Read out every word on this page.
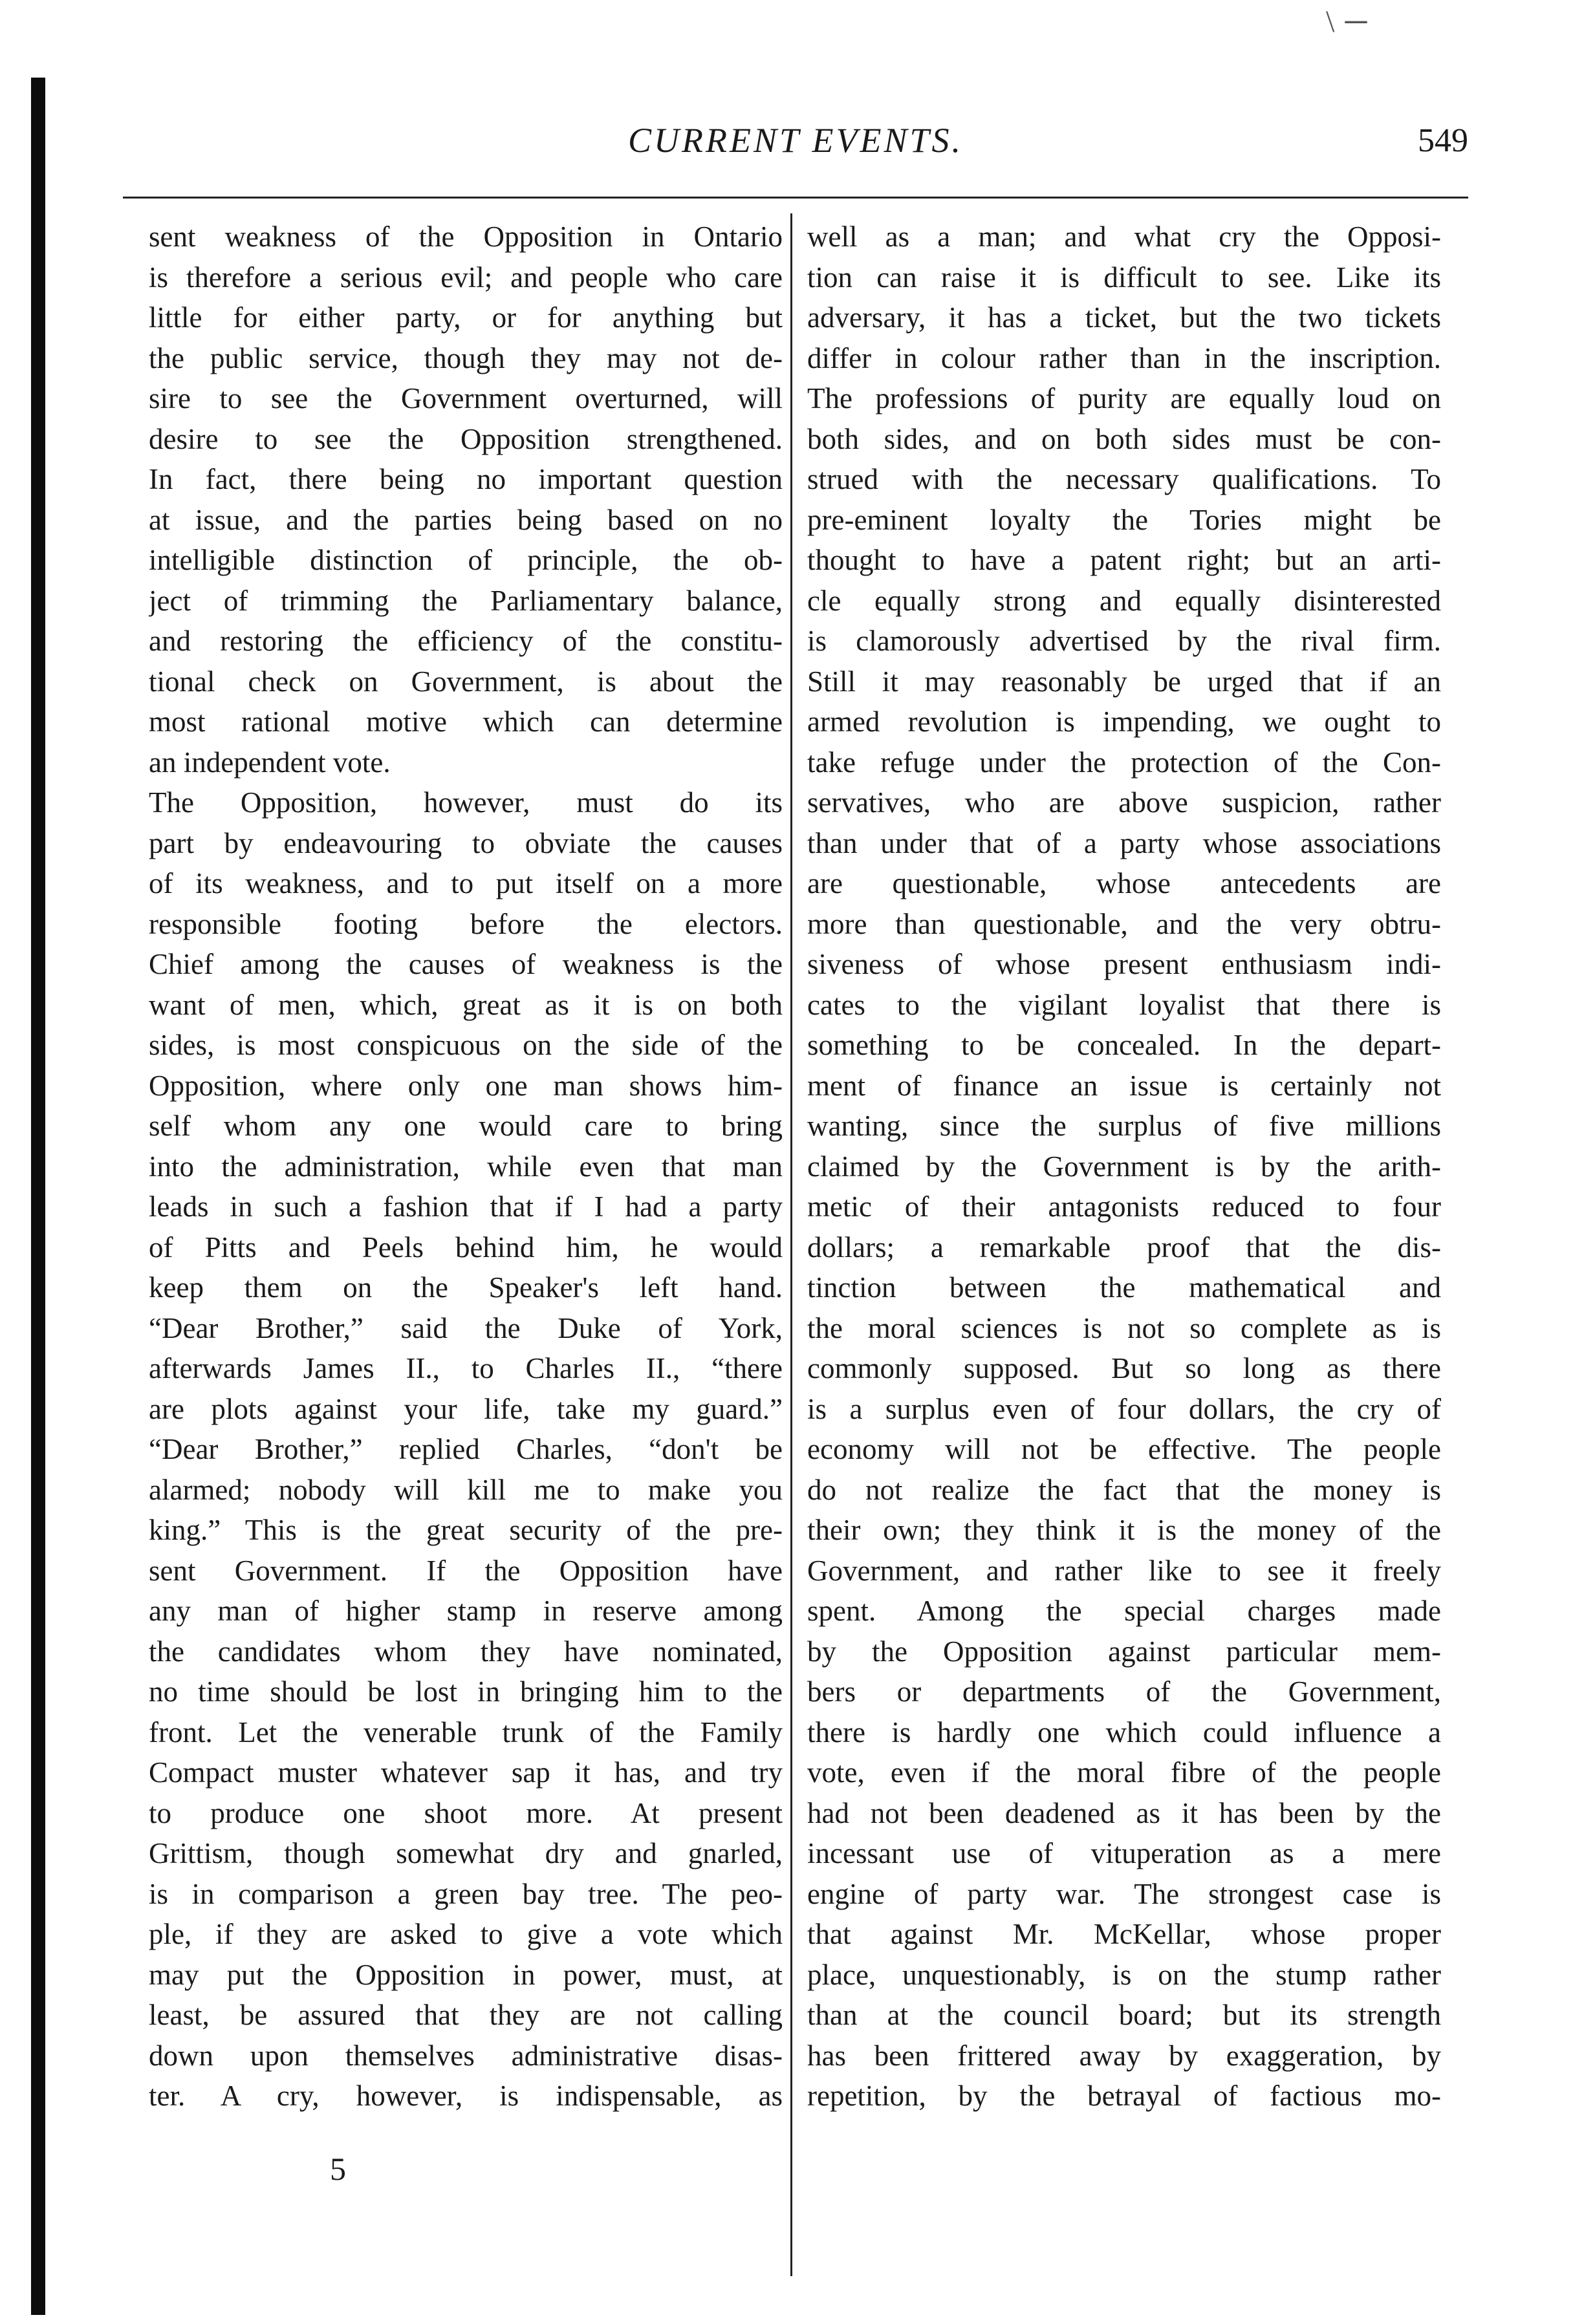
\ ─
CURRENT EVENTS.	549
sent weakness of the Opposition in Ontario
is therefore a serious evil; and people who care
little for either party, or for anything but
the public service, though they may not de-
sire to see the Government overturned, will
desire to see the Opposition strengthened.
In fact, there being no important question
at issue, and the parties being based on no
intelligible distinction of principle, the ob-
ject of trimming the Parliamentary balance,
and restoring the efficiency of the constitu-
tional check on Government, is about the
most rational motive which can determine
an independent vote.
The Opposition, however, must do its
part by endeavouring to obviate the causes
of its weakness, and to put itself on a more
responsible footing before the electors.
Chief among the causes of weakness is the
want of men, which, great as it is on both
sides, is most conspicuous on the side of the
Opposition, where only one man shows him-
self whom any one would care to bring
into the administration, while even that man
leads in such a fashion that if I had a party
of Pitts and Peels behind him, he would
keep them on the Speaker's left hand.
“Dear Brother,” said the Duke of York,
afterwards James II., to Charles II., “there
are plots against your life, take my guard.”
“Dear Brother,” replied Charles, “don't be
alarmed; nobody will kill me to make you
king.” This is the great security of the pre-
sent Government. If the Opposition have
any man of higher stamp in reserve among
the candidates whom they have nominated,
no time should be lost in bringing him to the
front. Let the venerable trunk of the Family
Compact muster whatever sap it has, and try
to produce one shoot more. At present
Grittism, though somewhat dry and gnarled,
is in comparison a green bay tree. The peo-
ple, if they are asked to give a vote which
may put the Opposition in power, must, at
least, be assured that they are not calling
down upon themselves administrative disas-
ter. A cry, however, is indispensable, as
well as a man; and what cry the Opposi-
tion can raise it is difficult to see. Like its
adversary, it has a ticket, but the two tickets
differ in colour rather than in the inscription.
The professions of purity are equally loud on
both sides, and on both sides must be con-
strued with the necessary qualifications. To
pre-eminent loyalty the Tories might be
thought to have a patent right; but an arti-
cle equally strong and equally disinterested
is clamorously advertised by the rival firm.
Still it may reasonably be urged that if an
armed revolution is impending, we ought to
take refuge under the protection of the Con-
servatives, who are above suspicion, rather
than under that of a party whose associations
are questionable, whose antecedents are
more than questionable, and the very obtru-
siveness of whose present enthusiasm indi-
cates to the vigilant loyalist that there is
something to be concealed. In the depart-
ment of finance an issue is certainly not
wanting, since the surplus of five millions
claimed by the Government is by the arith-
metic of their antagonists reduced to four
dollars; a remarkable proof that the dis-
tinction between the mathematical and
the moral sciences is not so complete as is
commonly supposed. But so long as there
is a surplus even of four dollars, the cry of
economy will not be effective. The people
do not realize the fact that the money is
their own; they think it is the money of the
Government, and rather like to see it freely
spent. Among the special charges made
by the Opposition against particular mem-
bers or departments of the Government,
there is hardly one which could influence a
vote, even if the moral fibre of the people
had not been deadened as it has been by the
incessant use of vituperation as a mere
engine of party war. The strongest case is
that against Mr. McKellar, whose proper
place, unquestionably, is on the stump rather
than at the council board; but its strength
has been frittered away by exaggeration, by
repetition, by the betrayal of factious mo-
5
